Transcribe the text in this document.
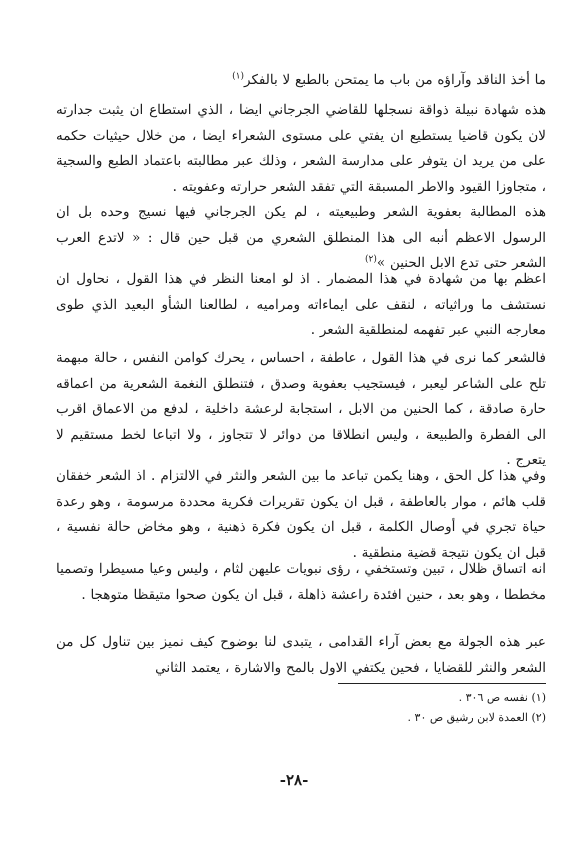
ما أخذ الناقد وآراؤه من باب ما يمتحن بالطبع لا بالفكر$^{(١)}$

هذه شهادة نبيلة ذواقة نسجلها للقاضي الجرجاني ايضا ، الذي استطاع ان يثبت جدارته لان يكون قاضيا يستطيع ان يفتي على مستوى الشعراء ايضا ، من خلال حيثيات حكمه على من يريد ان يتوفر على مدارسة الشعر ، وذلك عبر مطالبته باعتماد الطبع والسجية ، متجاوزا القيود والاطر المسبقة التي تفقد الشعر حرارته وعفويته .

هذه المطالبة بعفوية الشعر وطبيعيته ، لم يكن الجرجاني فيها نسيج وحده بل ان الرسول الاعظم أنبه الى هذا المنطلق الشعري من قبل حين قال : « لاتدع العرب الشعر حتى تدع الابل الحنين »$^{(٢)}$

اعظم بها من شهادة في هذا المضمار . اذ لو امعنا النظر في هذا القول ، نحاول ان نستشف ما وراثياته ، لنقف على ايماءاته ومراميه ، لطالعنا الشأو البعيد الذي طوى معارجه النبي عبر تفهمه لمنطلقية الشعر .

فالشعر كما نرى في هذا القول ، عاطفة ، احساس ، يحرك كوامن النفس ، حالة مبهمة تلح على الشاعر ليعبر ، فيستجيب بعفوية وصدق ، فتنطلق النغمة الشعرية من اعماقه حارة صادقة ، كما الحنين من الابل ، استجابة لرعشة داخلية ، لدفع من الاعماق اقرب الى الفطرة والطبيعة ، وليس انطلاقا من دوائر لا تتجاوز ، ولا اتباعا لخط مستقيم لا يتعرج .

وفي هذا كل الحق ، وهنا يكمن تباعد ما بين الشعر والنثر في الالتزام . اذ الشعر خفقان قلب هائم ، موار بالعاطفة ، قبل ان يكون تقريرات فكرية محددة مرسومة ، وهو رعدة حياة تجري في أوصال الكلمة ، قبل ان يكون فكرة ذهنية ، وهو مخاض حالة نفسية ، قبل ان يكون نتيجة قضية منطقية .

انه اتساق ظلال ، تبين وتستخفي ، رؤى نبويات عليهن لثام ، وليس وعيا مسيطرا وتصميا مخططا ، وهو بعد ، حنين افئدة راعشة ذاهلة ، قبل ان يكون صحوا متيقظا متوهجا .

عبر هذه الجولة مع بعض آراء القدامى ، يتبدى لنا بوضوح كيف نميز بين تناول كل من الشعر والنثر للقضايا ، فحين يكتفي الاول بالمح والاشارة ، يعتمد الثاني

(١) نفسه ص ٣٠٦ .
(٢) العمدة لابن رشيق ص ٣٠ .
-٢٨-
